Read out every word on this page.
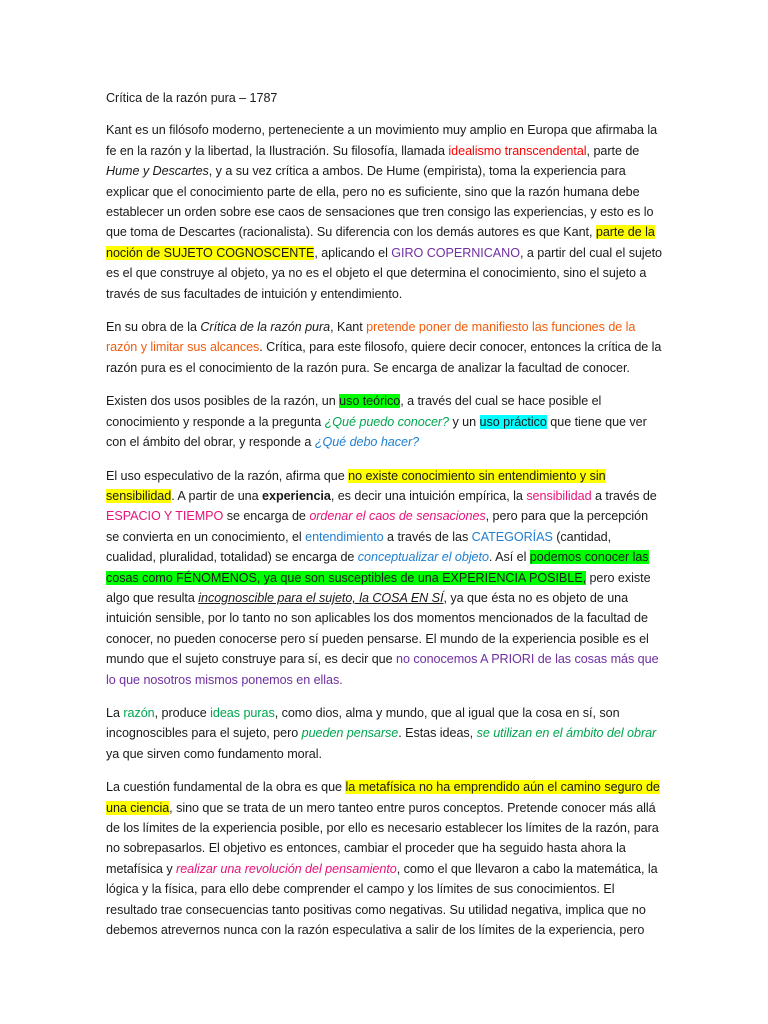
Crítica de la razón pura – 1787

Kant es un filósofo moderno, perteneciente a un movimiento muy amplio en Europa que afirmaba la fe en la razón y la libertad, la Ilustración. Su filosofía, llamada idealismo transcendental, parte de Hume y Descartes, y a su vez crítica a ambos. De Hume (empirista), toma la experiencia para explicar que el conocimiento parte de ella, pero no es suficiente, sino que la razón humana debe establecer un orden sobre ese caos de sensaciones que tren consigo las experiencias, y esto es lo que toma de Descartes (racionalista). Su diferencia con los demás autores es que Kant, parte de la noción de SUJETO COGNOSCENTE, aplicando el GIRO COPERNICANO, a partir del cual el sujeto es el que construye al objeto, ya no es el objeto el que determina el conocimiento, sino el sujeto a través de sus facultades de intuición y entendimiento.

En su obra de la Crítica de la razón pura, Kant pretende poner de manifiesto las funciones de la razón y limitar sus alcances. Crítica, para este filosofo, quiere decir conocer, entonces la crítica de la razón pura es el conocimiento de la razón pura. Se encarga de analizar la facultad de conocer.

Existen dos usos posibles de la razón, un uso teórico, a través del cual se hace posible el conocimiento y responde a la pregunta ¿Qué puedo conocer? y un uso práctico que tiene que ver con el ámbito del obrar, y responde a ¿Qué debo hacer?

El uso especulativo de la razón, afirma que no existe conocimiento sin entendimiento y sin sensibilidad. A partir de una experiencia, es decir una intuición empírica, la sensibilidad a través de ESPACIO Y TIEMPO se encarga de ordenar el caos de sensaciones, pero para que la percepción se convierta en un conocimiento, el entendimiento a través de las CATEGORÍAS (cantidad, cualidad, pluralidad, totalidad) se encarga de conceptualizar el objeto. Así el podemos conocer las cosas como FÉNOMENOS, ya que son susceptibles de una EXPERIENCIA POSIBLE, pero existe algo que resulta incognoscible para el sujeto, la COSA EN SÍ, ya que ésta no es objeto de una intuición sensible, por lo tanto no son aplicables los dos momentos mencionados de la facultad de conocer, no pueden conocerse pero sí pueden pensarse. El mundo de la experiencia posible es el mundo que el sujeto construye para sí, es decir que no conocemos A PRIORI de las cosas más que lo que nosotros mismos ponemos en ellas.

La razón, produce ideas puras, como dios, alma y mundo, que al igual que la cosa en sí, son incognoscibles para el sujeto, pero pueden pensarse. Estas ideas, se utilizan en el ámbito del obrar ya que sirven como fundamento moral.

La cuestión fundamental de la obra es que la metafísica no ha emprendido aún el camino seguro de una ciencia, sino que se trata de un mero tanteo entre puros conceptos. Pretende conocer más allá de los límites de la experiencia posible, por ello es necesario establecer los límites de la razón, para no sobrepasarlos. El objetivo es entonces, cambiar el proceder que ha seguido hasta ahora la metafísica y realizar una revolución del pensamiento, como el que llevaron a cabo la matemática, la lógica y la física, para ello debe comprender el campo y los límites de sus conocimientos. El resultado trae consecuencias tanto positivas como negativas. Su utilidad negativa, implica que no debemos atrevernos nunca con la razón especulativa a salir de los límites de la experiencia, pero
